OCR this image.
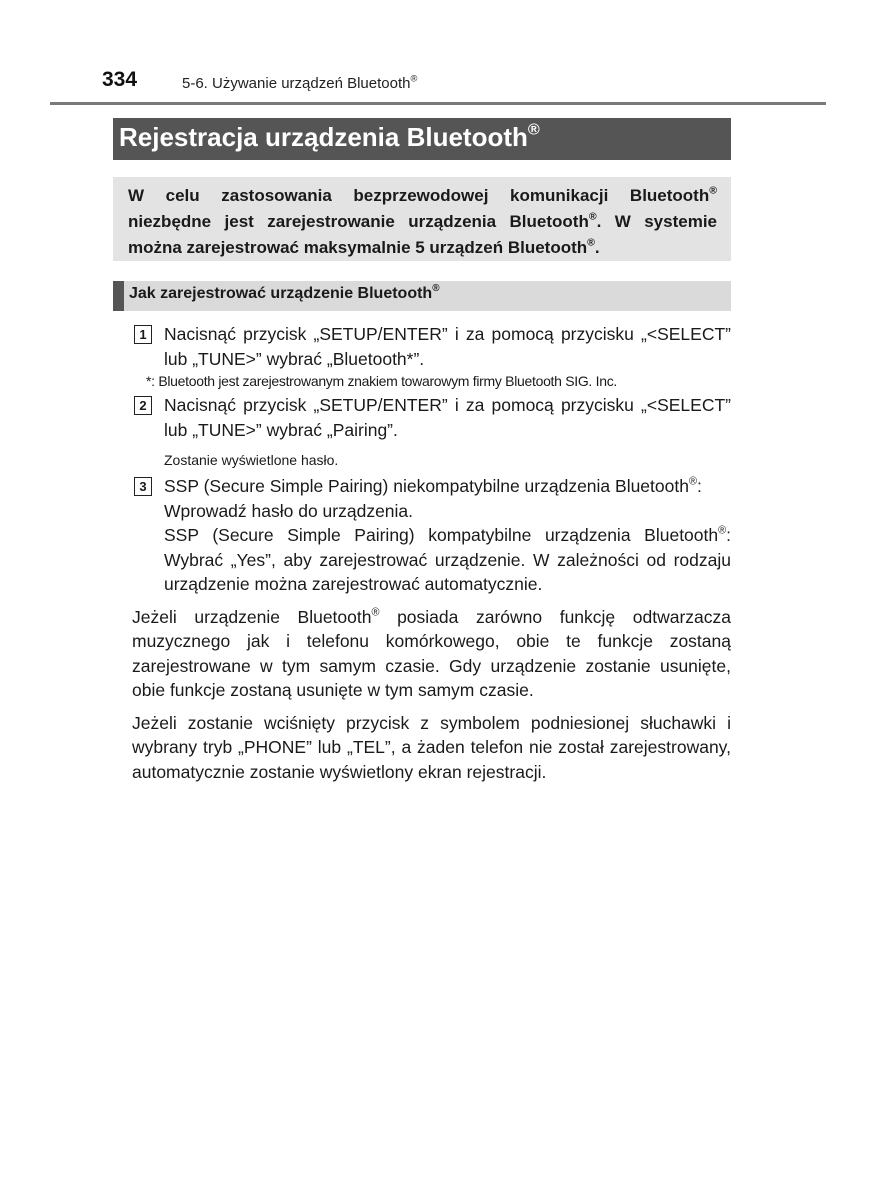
334	5-6. Używanie urządzeń Bluetooth®
Rejestracja urządzenia Bluetooth®
W celu zastosowania bezprzewodowej komunikacji Bluetooth® niezbędne jest zarejestrowanie urządzenia Bluetooth®. W systemie można zarejestrować maksymalnie 5 urządzeń Bluetooth®.
Jak zarejestrować urządzenie Bluetooth®
1 Nacisnąć przycisk „SETUP/ENTER” i za pomocą przycisku „<SELECT” lub „TUNE>” wybrać „Bluetooth*”.
*: Bluetooth jest zarejestrowanym znakiem towarowym firmy Bluetooth SIG. Inc.
2 Nacisnąć przycisk „SETUP/ENTER” i za pomocą przycisku „<SELECT” lub „TUNE>” wybrać „Pairing”.
Zostanie wyświetlone hasło.
3 SSP (Secure Simple Pairing) niekompatybilne urządzenia Bluetooth®:
Wprowadź hasło do urządzenia.
SSP (Secure Simple Pairing) kompatybilne urządzenia Bluetooth®: Wybrać „Yes”, aby zarejestrować urządzenie. W zależności od rodzaju urządzenie można zarejestrować automatycznie.
Jeżeli urządzenie Bluetooth® posiada zarówno funkcję odtwarzacza muzycznego jak i telefonu komórkowego, obie te funkcje zostaną zarejestrowane w tym samym czasie. Gdy urządzenie zostanie usunięte, obie funkcje zostaną usunięte w tym samym czasie.
Jeżeli zostanie wciśnięty przycisk z symbolem podniesionej słuchawki i wybrany tryb „PHONE” lub „TEL”, a żaden telefon nie został zarejestrowany, automatycznie zostanie wyświetlony ekran rejestracji.
